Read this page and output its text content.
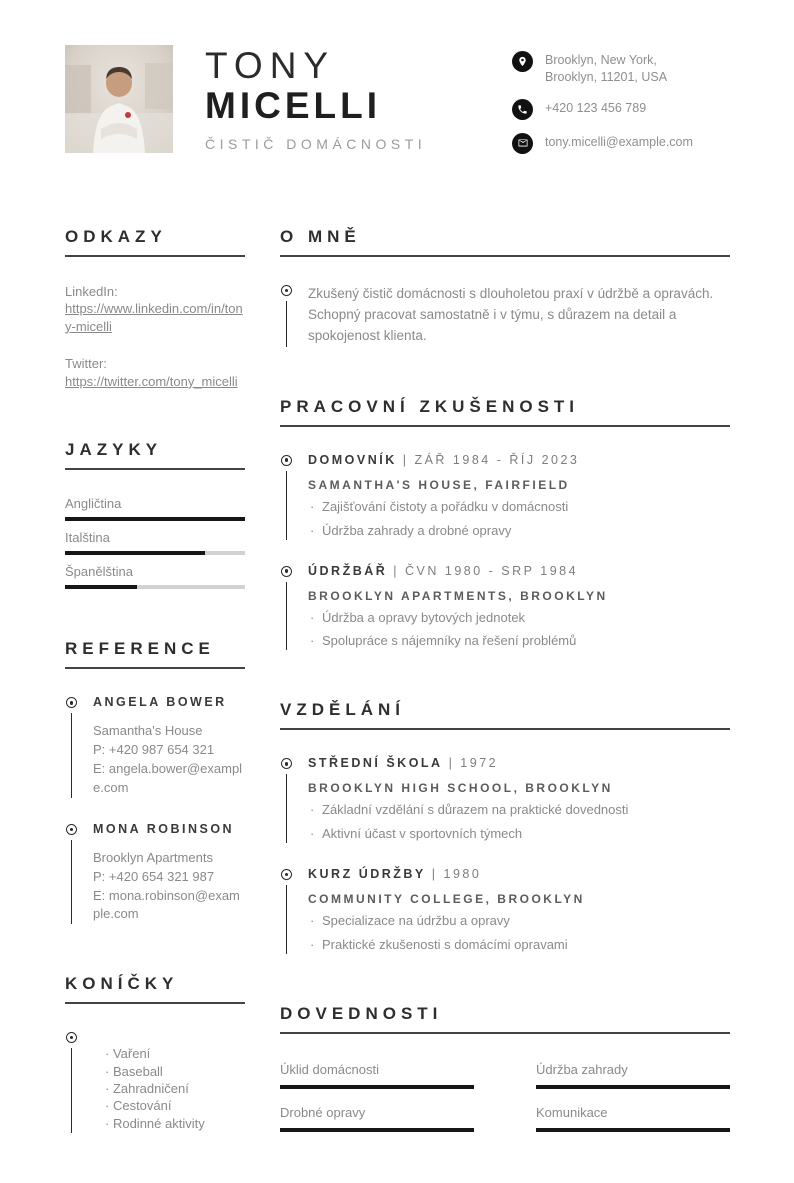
TONY
MICELLI
ČISTIČ DOMÁCNOSTI
Brooklyn, New York,
Brooklyn, 11201, USA
+420 123 456 789
tony.micelli@example.com
ODKAZY
LinkedIn:
https://www.linkedin.com/in/tony-micelli
Twitter:
https://twitter.com/tony_micelli
JAZYKY
Angličtina
Italština
Španělština
REFERENCE
ANGELA BOWER
Samantha's House
P: +420 987 654 321
E: angela.bower@example.com
MONA ROBINSON
Brooklyn Apartments
P: +420 654 321 987
E: mona.robinson@example.com
KONÍČKY
· Vaření
· Baseball
· Zahradničení
· Cestování
· Rodinné aktivity
O MNĚ
Zkušený čistič domácnosti s dlouholetou praxí v údržbě a opravách. Schopný pracovat samostatně i v týmu, s důrazem na detail a spokojenost klienta.
PRACOVNÍ ZKUŠENOSTI
DOMOVNÍK | ZÁŘ 1984 - ŘÍJ 2023
SAMANTHA'S HOUSE, FAIRFIELD
· Zajišťování čistoty a pořádku v domácnosti
· Údržba zahrady a drobné opravy
ÚDRŽBÁŘ | ČVN 1980 - SRP 1984
BROOKLYN APARTMENTS, BROOKLYN
· Údržba a opravy bytových jednotek
· Spolupráce s nájemníky na řešení problémů
VZDĚLÁNÍ
STŘEDNÍ ŠKOLA | 1972
BROOKLYN HIGH SCHOOL, BROOKLYN
· Základní vzdělání s důrazem na praktické dovednosti
· Aktivní účast v sportovních týmech
KURZ ÚDRŽBY | 1980
COMMUNITY COLLEGE, BROOKLYN
· Specializace na údržbu a opravy
· Praktické zkušenosti s domácími opravami
DOVEDNOSTI
Úklid domácnosti	Údržba zahrady
Drobné opravy	Komunikace
